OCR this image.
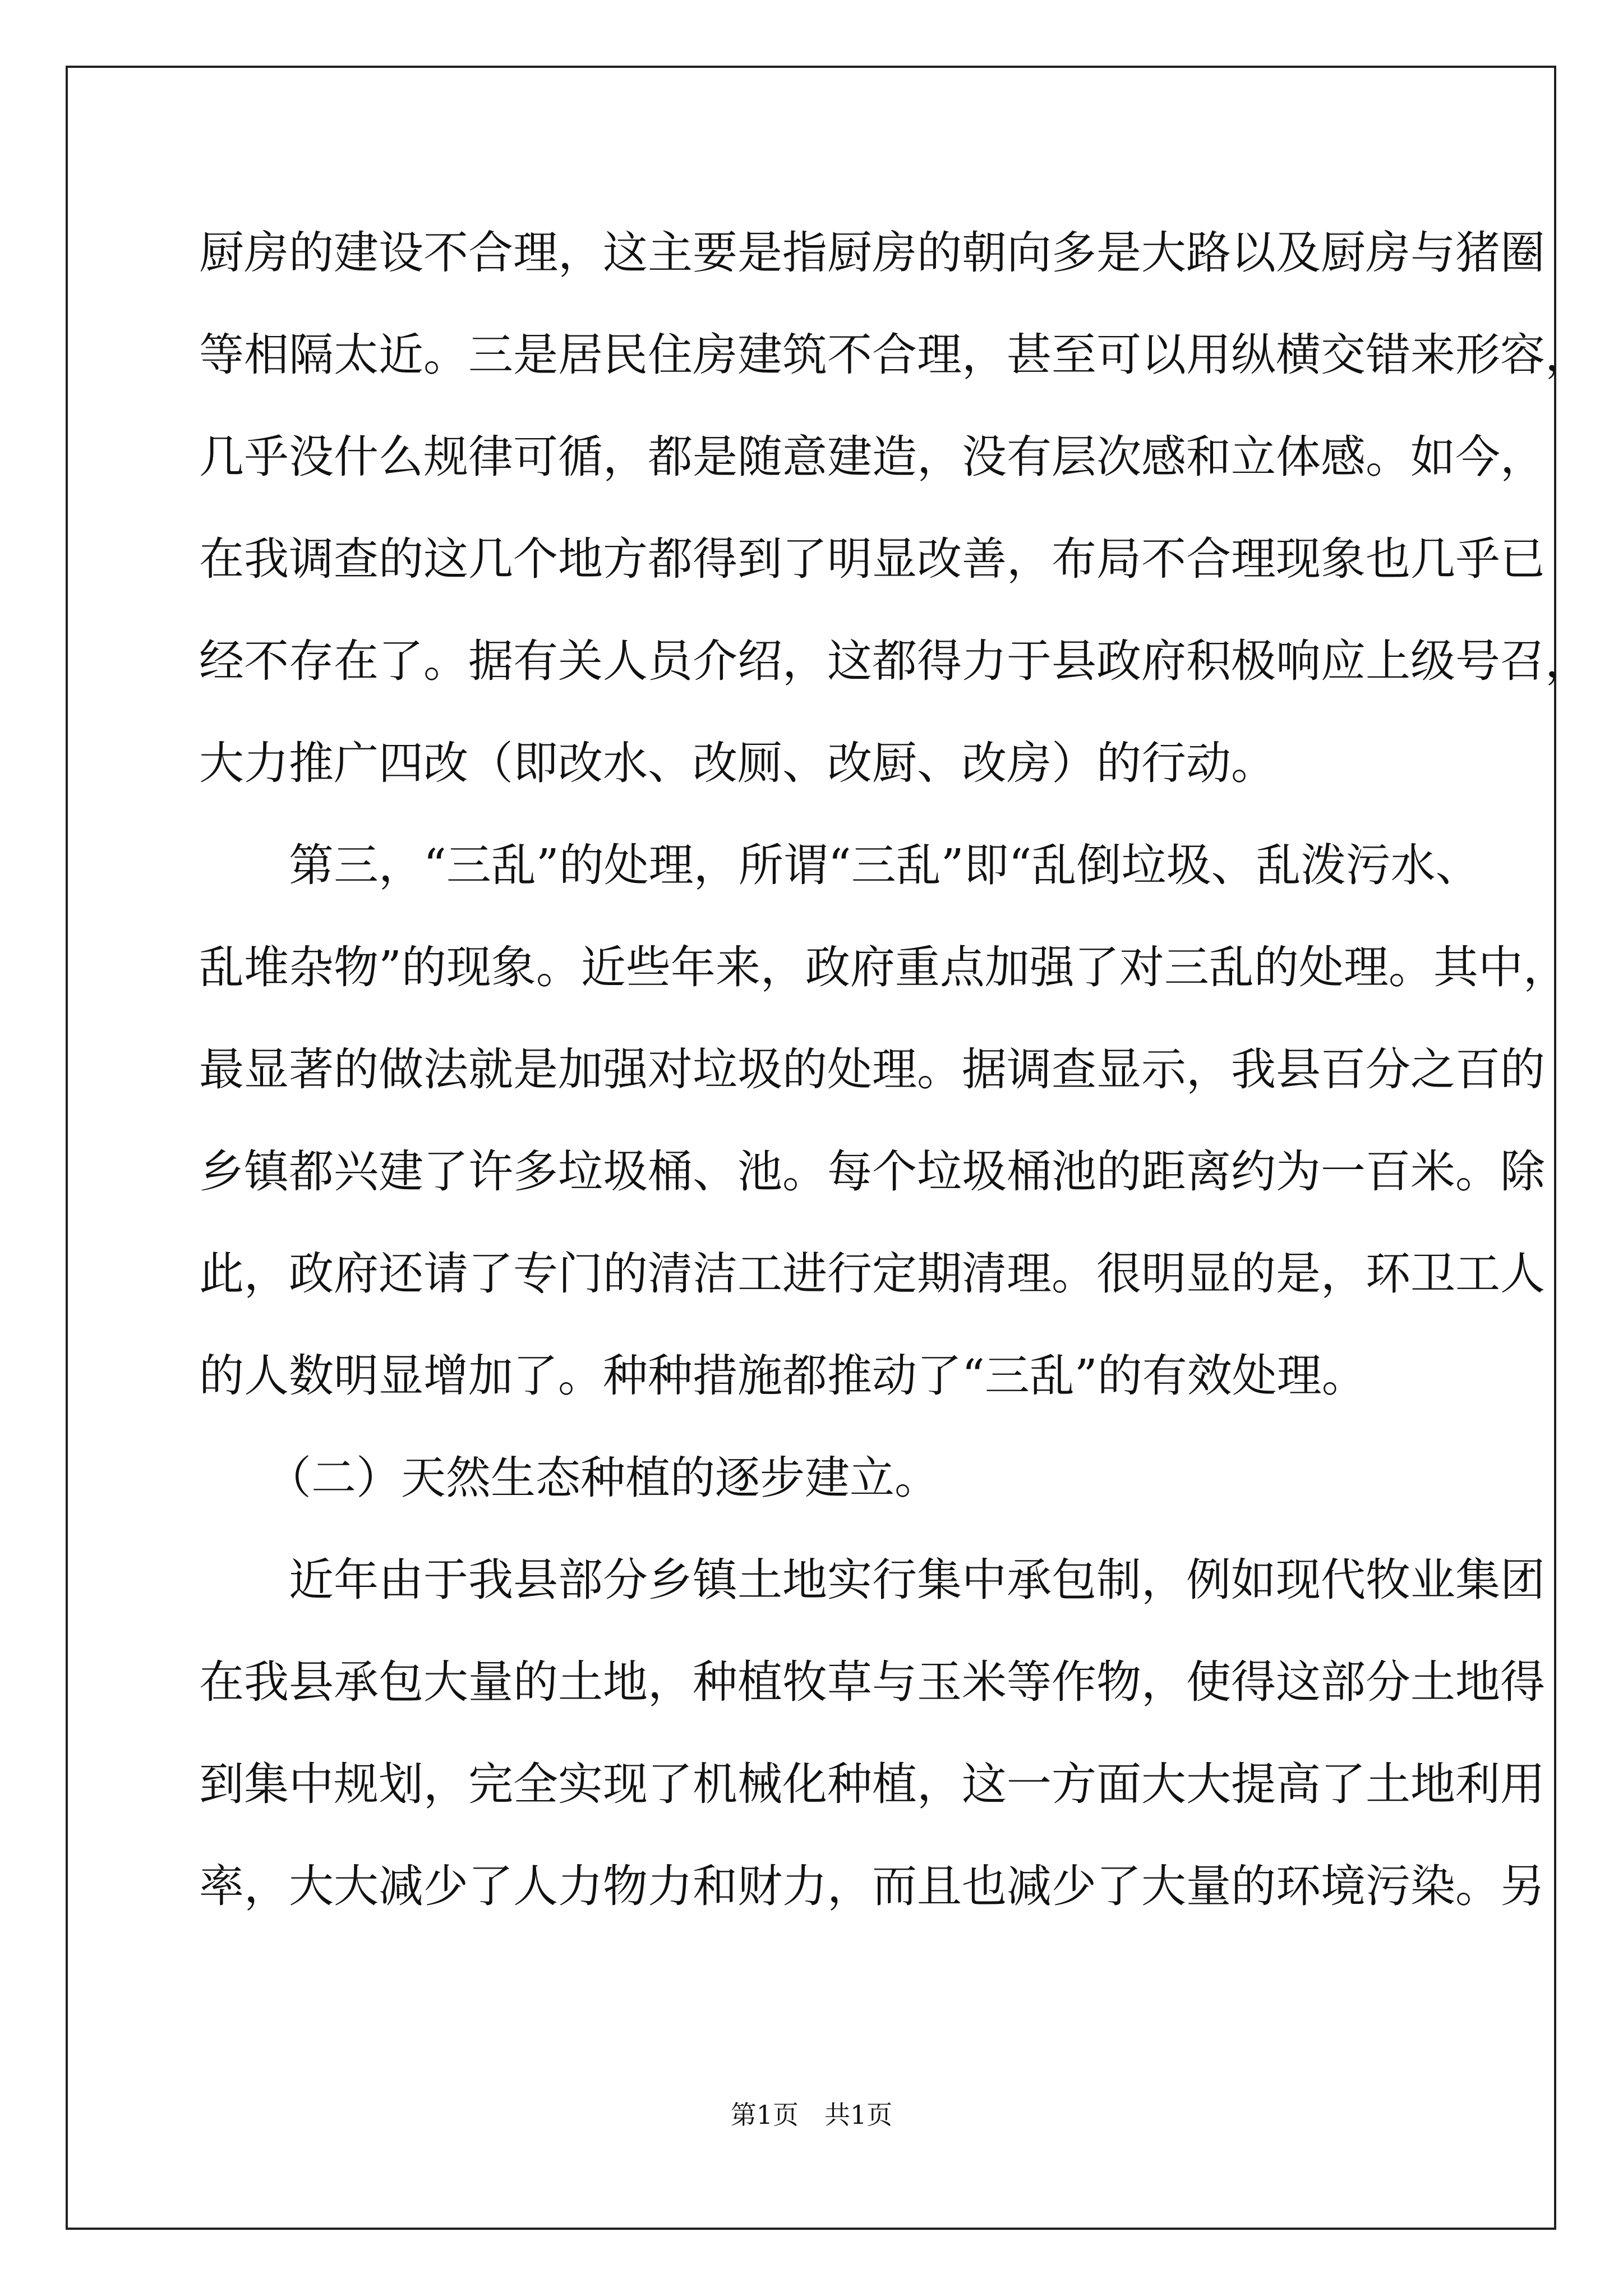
厨房的建设不合理，这主要是指厨房的朝向多是大路以及厨房与猪圈
等相隔太近。三是居民住房建筑不合理，甚至可以用纵横交错来形容，
几乎没什么规律可循，都是随意建造，没有层次感和立体感。如今，
在我调查的这几个地方都得到了明显改善，布局不合理现象也几乎已
经不存在了。据有关人员介绍，这都得力于县政府积极响应上级号召，
大力推广四改（即改水、改厕、改厨、改房）的行动。
　　第三，“三乱”的处理，所谓“三乱”即“乱倒垃圾、乱泼污水、
乱堆杂物”的现象。近些年来，政府重点加强了对三乱的处理。其中，
最显著的做法就是加强对垃圾的处理。据调查显示，我县百分之百的
乡镇都兴建了许多垃圾桶、池。每个垃圾桶池的距离约为一百米。除
此，政府还请了专门的清洁工进行定期清理。很明显的是，环卫工人
的人数明显增加了。种种措施都推动了“三乱”的有效处理。
　　（二）天然生态种植的逐步建立。
　　近年由于我县部分乡镇土地实行集中承包制，例如现代牧业集团
在我县承包大量的土地，种植牧草与玉米等作物，使得这部分土地得
到集中规划，完全实现了机械化种植，这一方面大大提高了土地利用
率，大大减少了人力物力和财力，而且也减少了大量的环境污染。另
第1页　共1页
